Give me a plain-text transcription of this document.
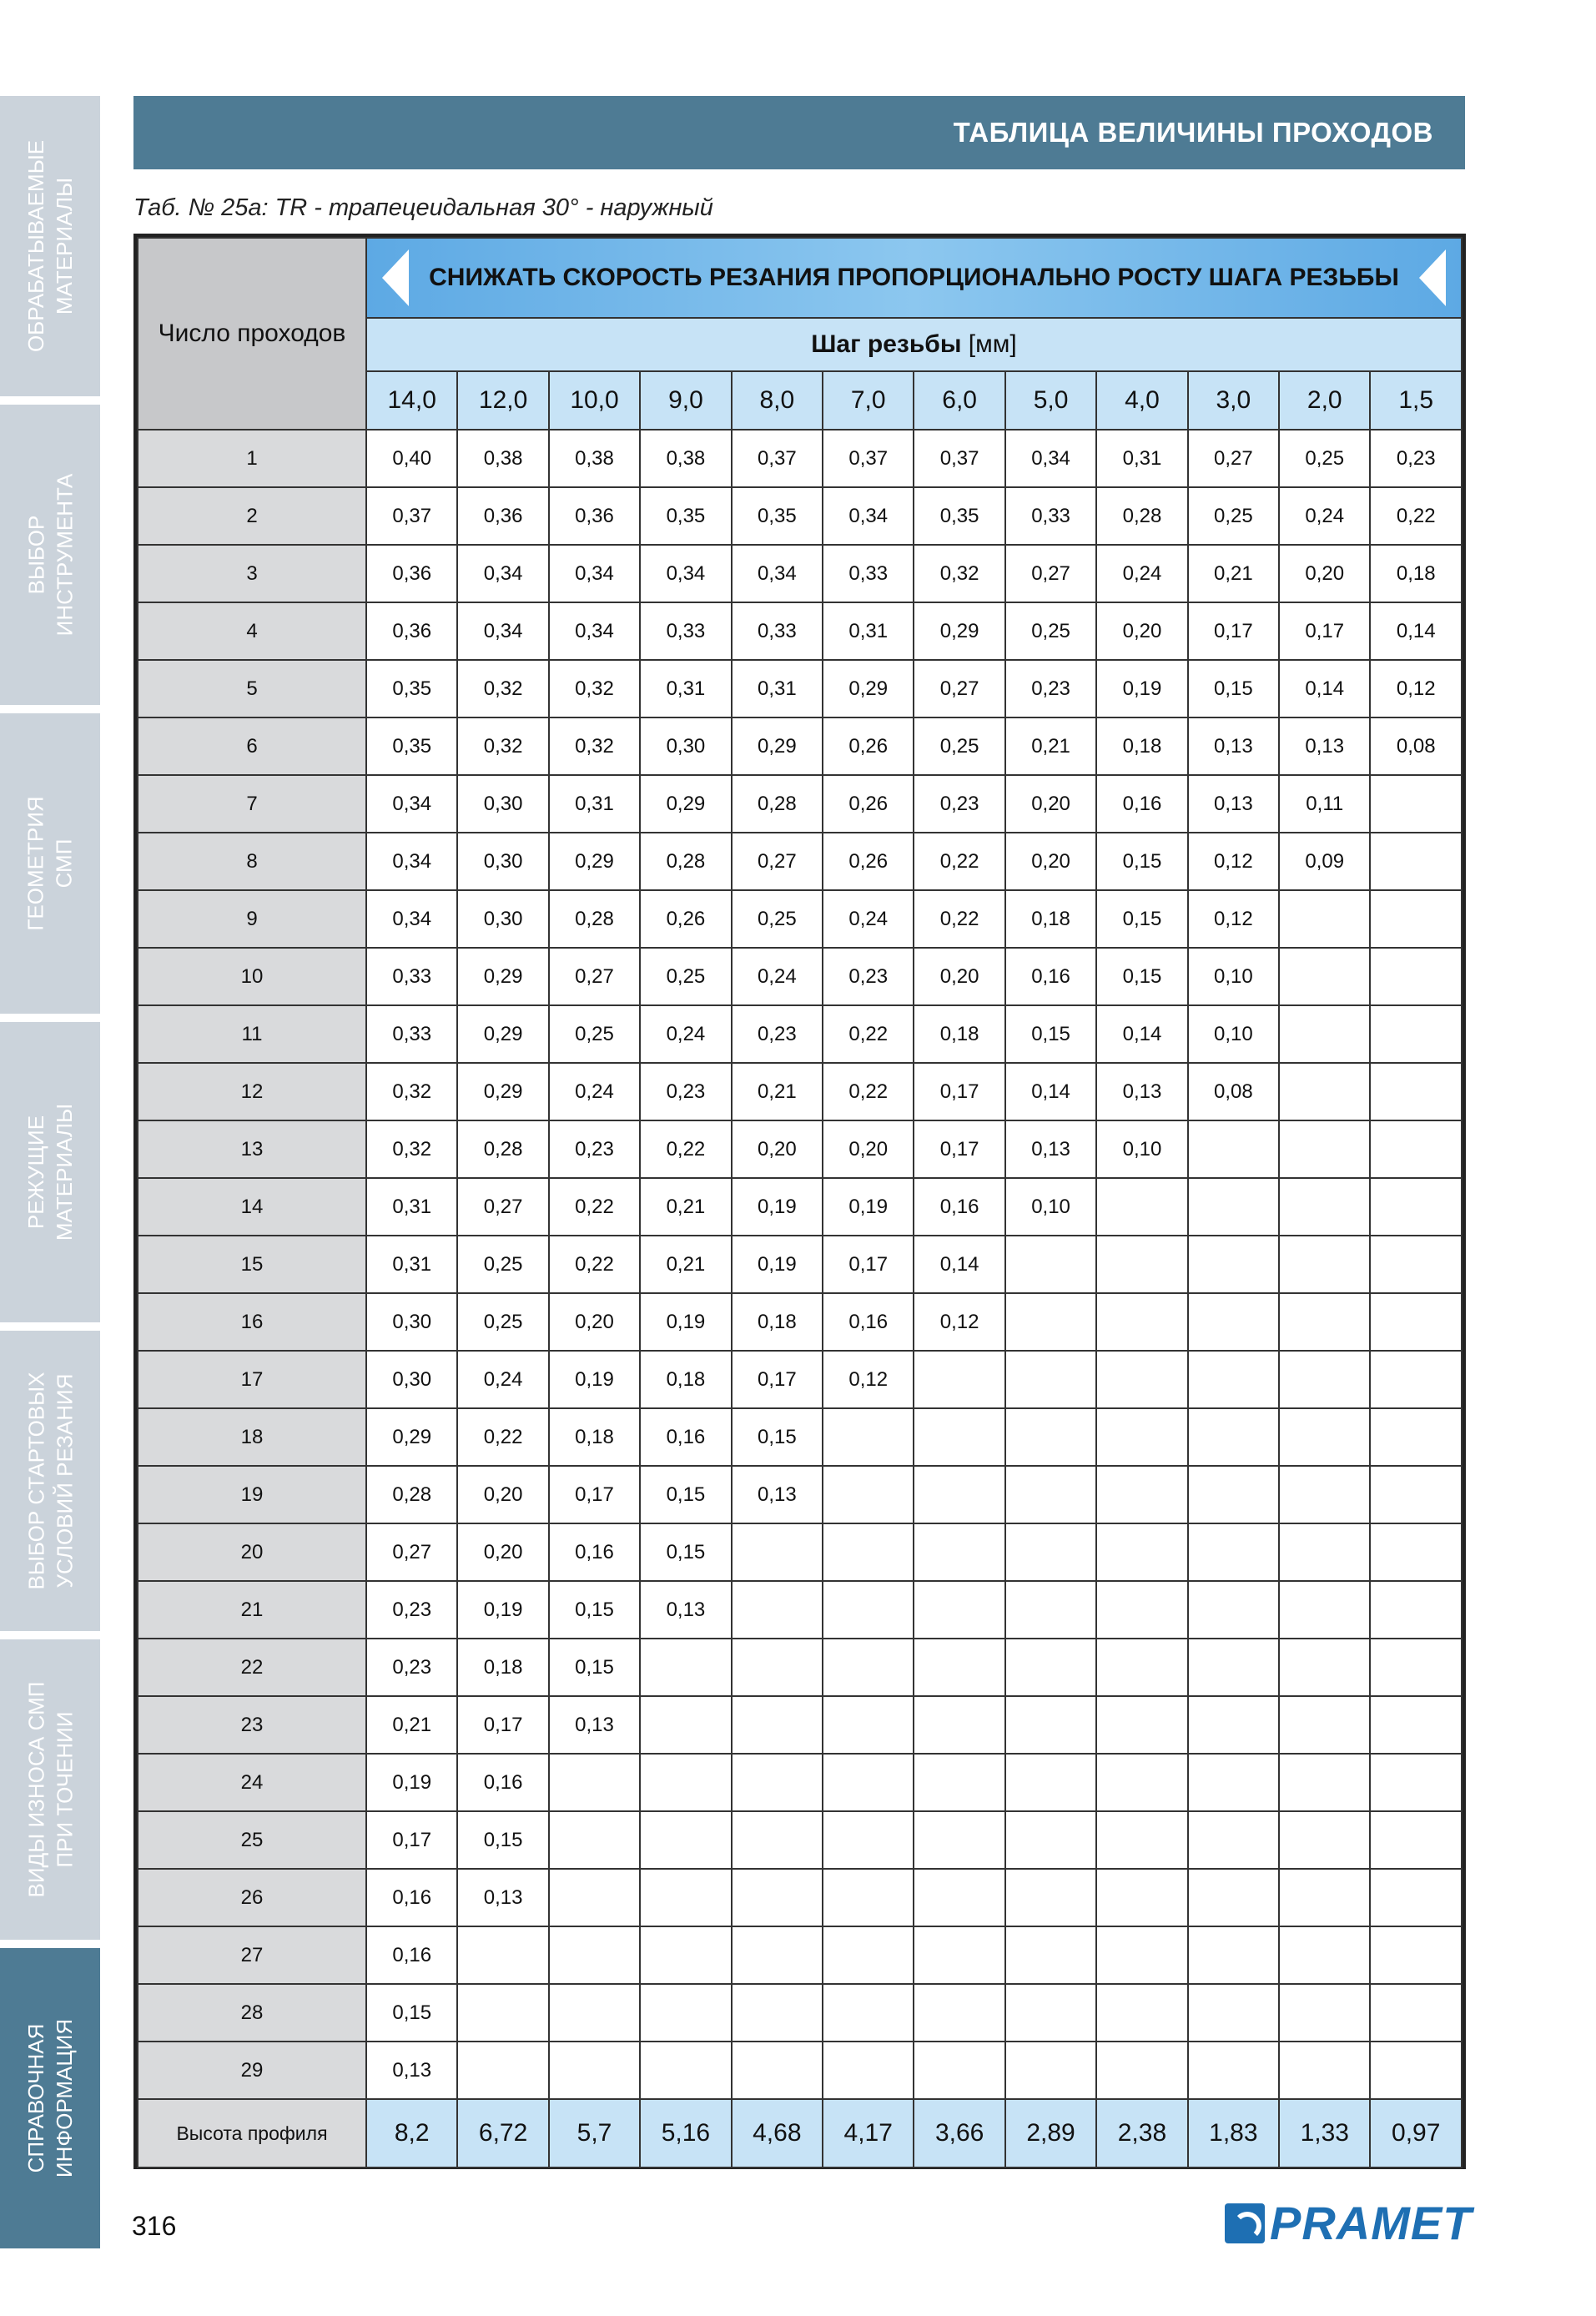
ОБРАБАТЫВАЕМЫЕ МАТЕРИАЛЫ
ВЫБОР ИНСТРУМЕНТА
ГЕОМЕТРИЯ СМП
РЕЖУЩИЕ МАТЕРИАЛЫ
ВЫБОР СТАРТОВЫХ УСЛОВИЙ РЕЗАНИЯ
ВИДЫ ИЗНОСА СМП ПРИ ТОЧЕНИИ
СПРАВОЧНАЯ ИНФОРМАЦИЯ
ТАБЛИЦА ВЕЛИЧИНЫ ПРОХОДОВ
Таб. № 25а: TR - трапецеидальная 30° - наружный
Число проходов	СНИЖАТЬ СКОРОСТЬ РЕЗАНИЯ ПРОПОРЦИОНАЛЬНО РОСТУ ШАГА РЕЗЬБЫ											

	Шаг резьбы [мм]											
	14,0	12,0	10,0	9,0	8,0	7,0	6,0	5,0	4,0	3,0	2,0	1,5
1	0,40	0,38	0,38	0,38	0,37	0,37	0,37	0,34	0,31	0,27	0,25	0,23
2	0,37	0,36	0,36	0,35	0,35	0,34	0,35	0,33	0,28	0,25	0,24	0,22
3	0,36	0,34	0,34	0,34	0,34	0,33	0,32	0,27	0,24	0,21	0,20	0,18
4	0,36	0,34	0,34	0,33	0,33	0,31	0,29	0,25	0,20	0,17	0,17	0,14
5	0,35	0,32	0,32	0,31	0,31	0,29	0,27	0,23	0,19	0,15	0,14	0,12
6	0,35	0,32	0,32	0,30	0,29	0,26	0,25	0,21	0,18	0,13	0,13	0,08
7	0,34	0,30	0,31	0,29	0,28	0,26	0,23	0,20	0,16	0,13	0,11	
8	0,34	0,30	0,29	0,28	0,27	0,26	0,22	0,20	0,15	0,12	0,09	
9	0,34	0,30	0,28	0,26	0,25	0,24	0,22	0,18	0,15	0,12		
10	0,33	0,29	0,27	0,25	0,24	0,23	0,20	0,16	0,15	0,10		
11	0,33	0,29	0,25	0,24	0,23	0,22	0,18	0,15	0,14	0,10		
12	0,32	0,29	0,24	0,23	0,21	0,22	0,17	0,14	0,13	0,08		
13	0,32	0,28	0,23	0,22	0,20	0,20	0,17	0,13	0,10			
14	0,31	0,27	0,22	0,21	0,19	0,19	0,16	0,10				
15	0,31	0,25	0,22	0,21	0,19	0,17	0,14					
16	0,30	0,25	0,20	0,19	0,18	0,16	0,12					
17	0,30	0,24	0,19	0,18	0,17	0,12						
18	0,29	0,22	0,18	0,16	0,15							
19	0,28	0,20	0,17	0,15	0,13							
20	0,27	0,20	0,16	0,15								
21	0,23	0,19	0,15	0,13								
22	0,23	0,18	0,15									
23	0,21	0,17	0,13									
24	0,19	0,16										
25	0,17	0,15										
26	0,16	0,13										
27	0,16											
28	0,15											
29	0,13											
Высота профиля	8,2	6,72	5,7	5,16	4,68	4,17	3,66	2,89	2,38	1,83	1,33	0,97
316	PRAMET
